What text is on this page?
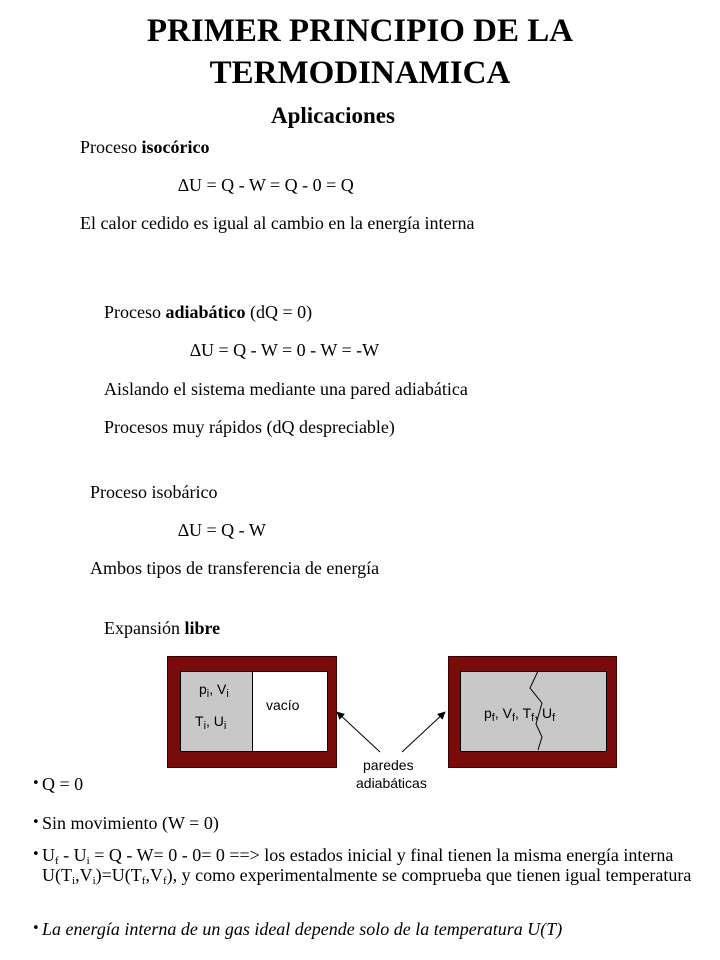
PRIMER PRINCIPIO DE LA
TERMODINAMICA
Aplicaciones
Proceso isocórico
∆U = Q - W = Q - 0 = Q
El calor cedido es igual al cambio en la energía interna
Proceso adiabático (dQ = 0)
∆U = Q - W = 0 - W = -W
Aislando el sistema mediante una pared adiabática
Procesos muy rápidos (dQ despreciable)
Proceso isobárico
∆U = Q - W
Ambos tipos de transferencia de energía
Expansión libre
$p_i$, $V_i$
$T_i$, $U_i$
vacío	$p_f$, $V_f$, $T_f$, $U_f$
paredes
adiabáticas
• Q = 0
• Sin movimiento (W = 0)
• $U_f - U_i = Q - W= 0 - 0= 0$ ==> los estados inicial y final tienen la misma energía interna $U(T_i,V_i)=U(T_f,V_f)$, y como experimentalmente se comprueba que tienen igual temperatura
• La energía interna de un gas ideal depende solo de la temperatura U(T)
